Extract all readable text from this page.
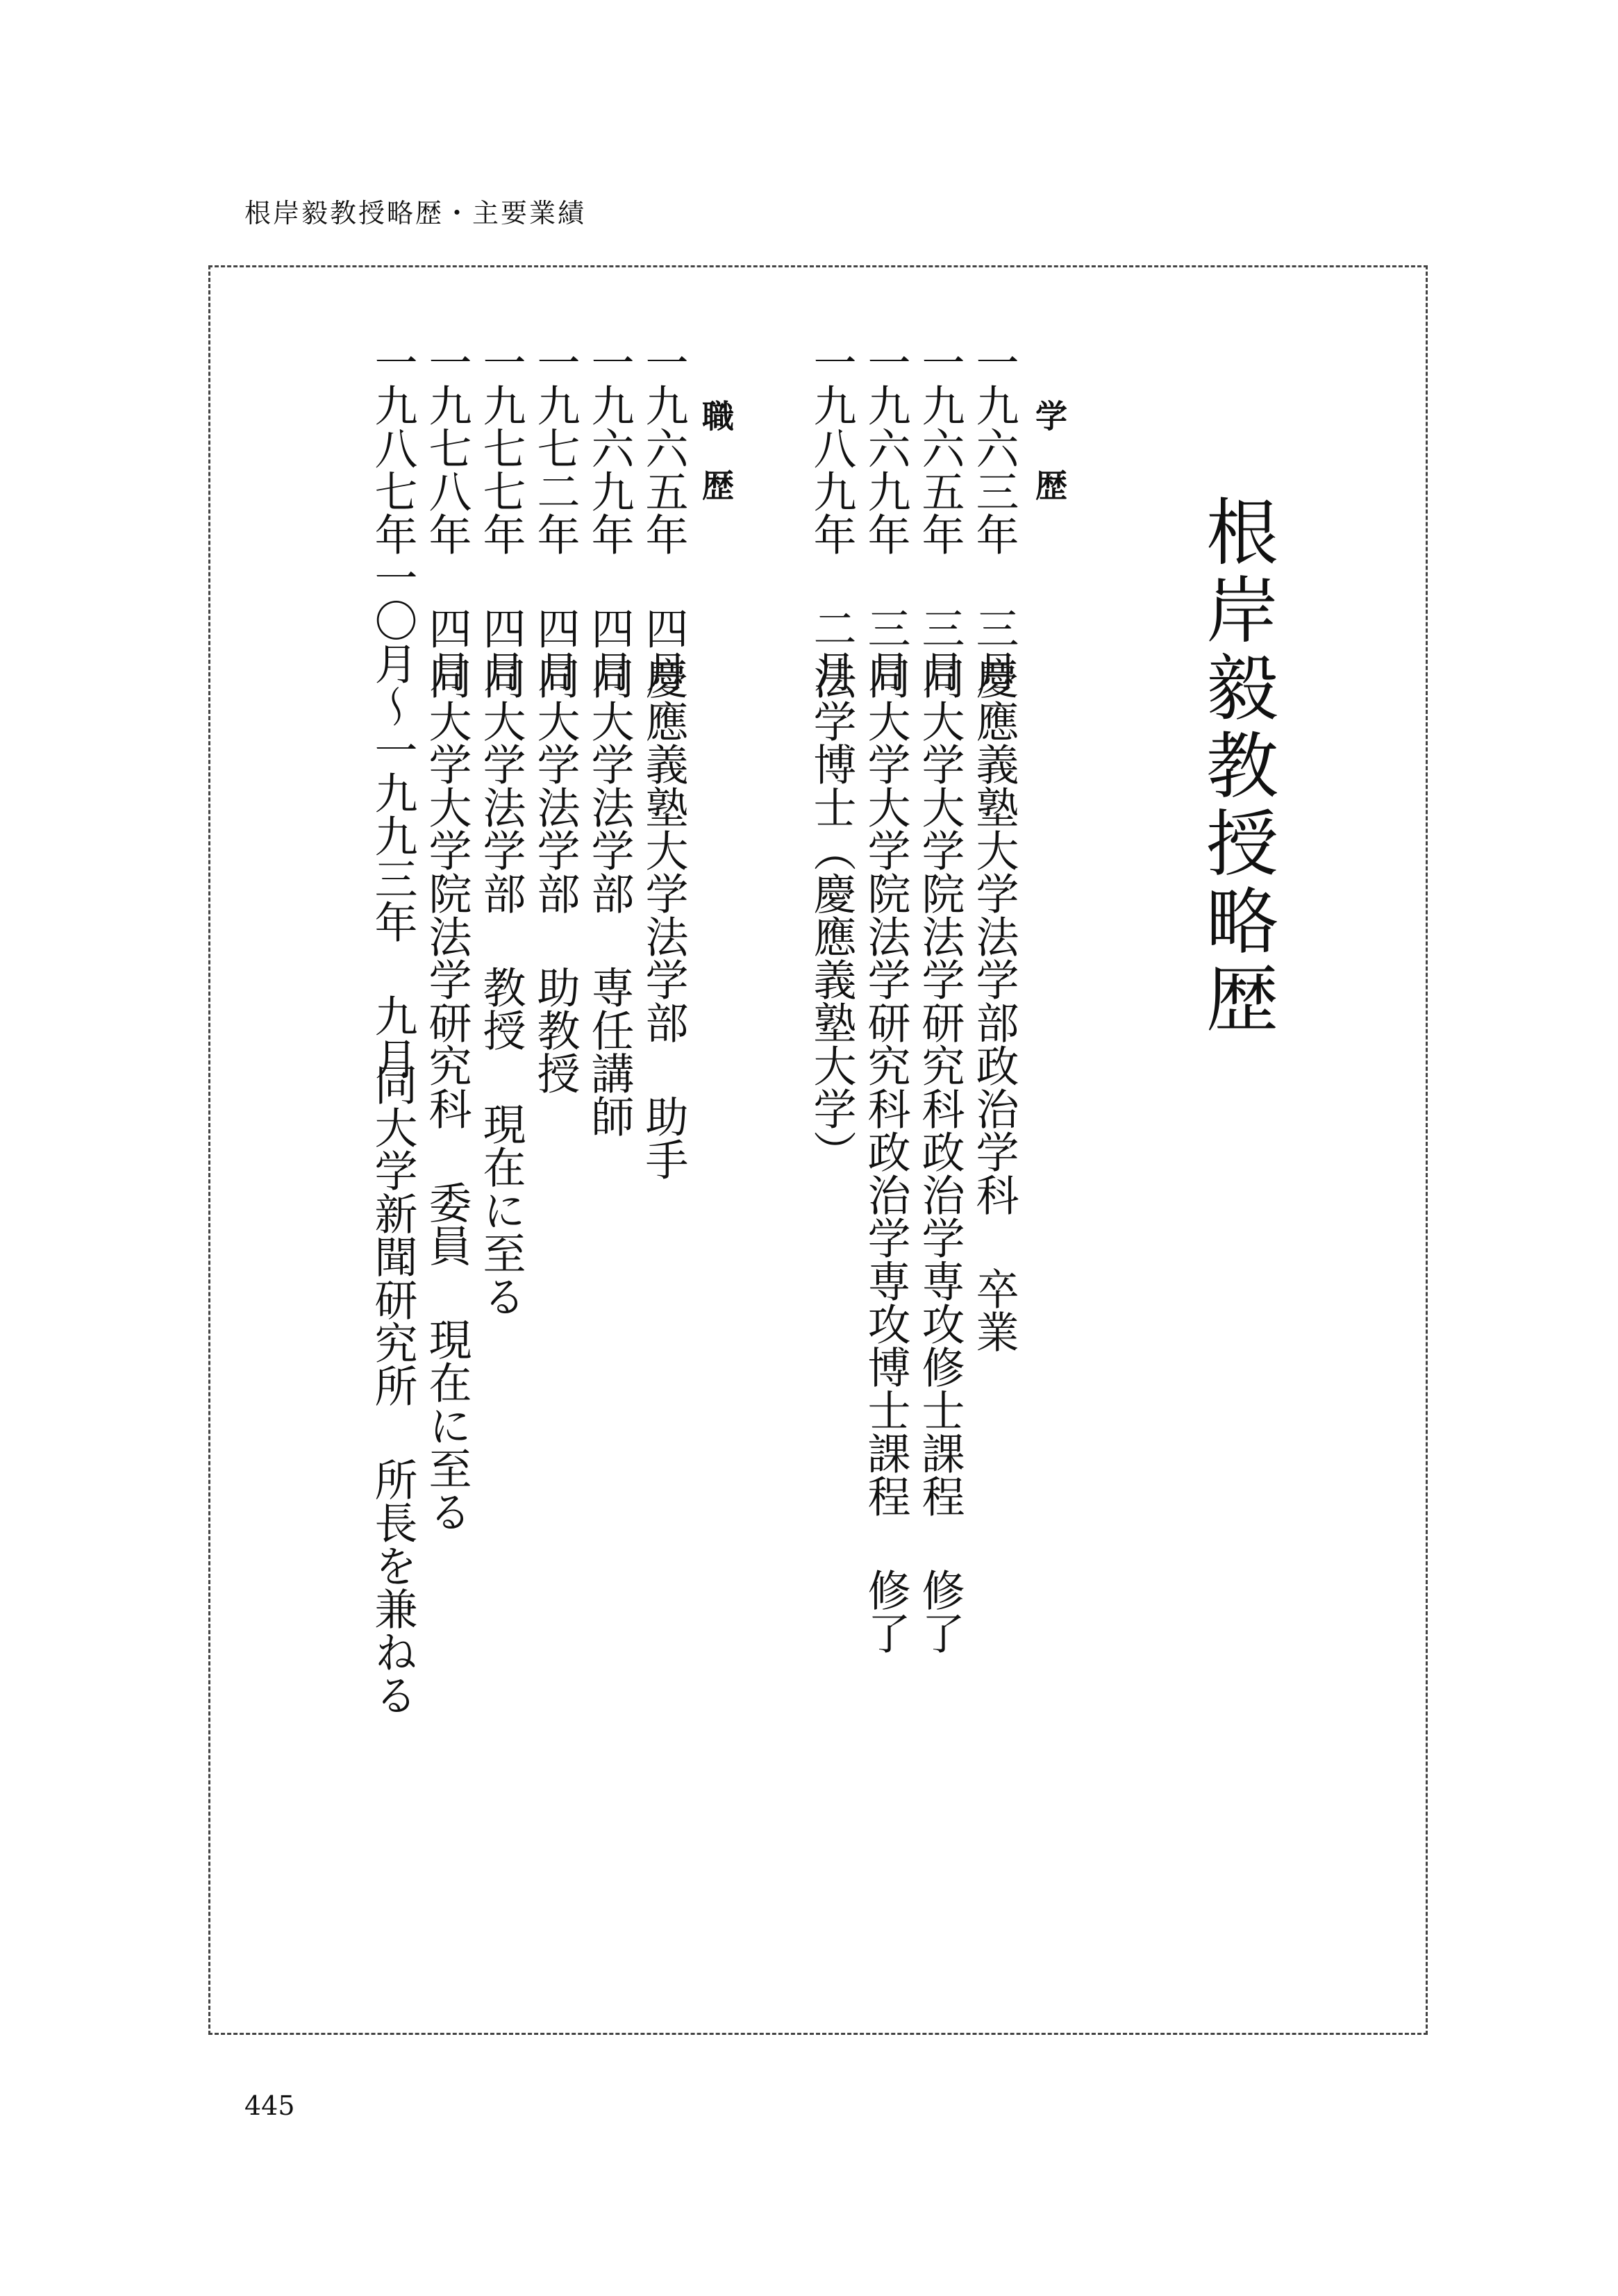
根岸毅教授略歴・主要業績
根岸毅教授略歴
学 歴
一九六三年 三月慶應義塾大学法学部政治学科 卒業
一九六五年 三月同大学大学院法学研究科政治学専攻修士課程 修了
一九六九年 三月同大学大学院法学研究科政治学専攻博士課程 修了
一九八九年 二月法学博士（慶應義塾大学）
職 歴
一九六五年 四月慶應義塾大学法学部 助手
一九六九年 四月同大学法学部 専任講師
一九七二年 四月同大学法学部 助教授
一九七七年 四月同大学法学部 教授 現在に至る
一九七八年 四月同大学大学院法学研究科 委員 現在に至る
一九八七年一〇月～一九九三年 九月同大学新聞研究所 所長を兼ねる
445
